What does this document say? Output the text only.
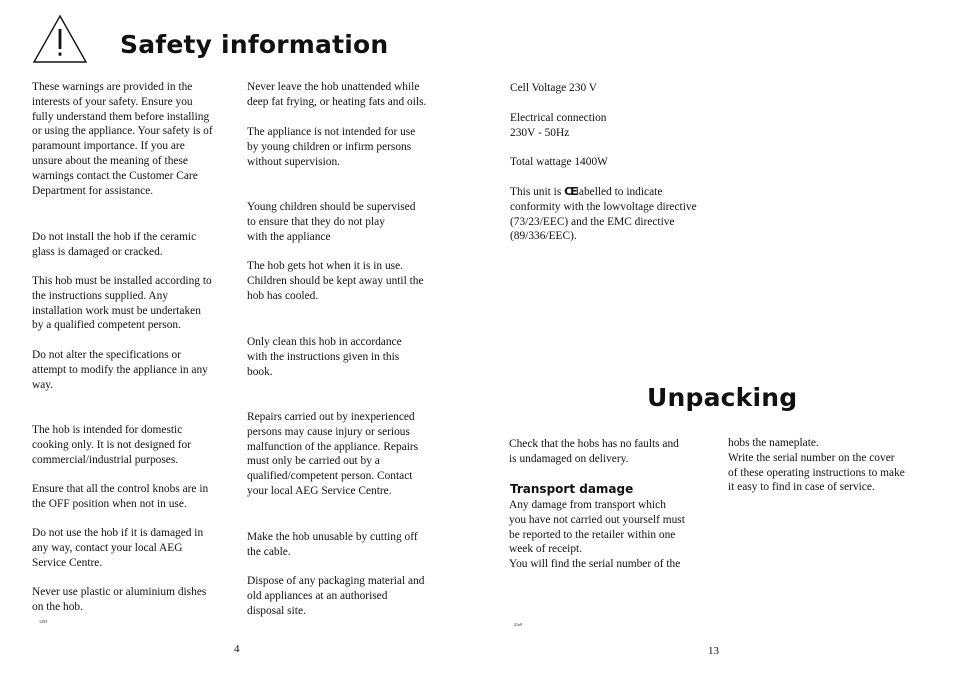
Safety information

These warnings are provided in the
interests of your safety. Ensure you
fully understand them before installing
or using the appliance. Your safety is of
paramount importance. If you are
unsure about the meaning of these
warnings contact the Customer Care
Department for assistance.

Do not install the hob if the ceramic
glass is damaged or cracked.

This hob must be installed according to
the instructions supplied. Any
installation work must be undertaken
by a qualified competent person.

Do not alter the specifications or
attempt to modify the appliance in any
way.

The hob is intended for domestic
cooking only. It is not designed for
commercial/industrial purposes.

Ensure that all the control knobs are in
the OFF position when not in use.

Do not use the hob if it is damaged in
any way, contact your local AEG
Service Centre.

Never use plastic or aluminium dishes
on the hob.

1293

Never leave the hob unattended while
deep fat frying, or heating fats and oils.

The appliance is not intended for use
by young children or infirm persons
without supervision.

Young children should be supervised
to ensure that they do not play
with the appliance

The hob gets hot when it is in use.
Children should be kept away until the
hob has cooled.

Only clean this hob in accordance
with the instructions given in this
book.

Repairs carried out by inexperienced
persons may cause injury or serious
malfunction of the appliance. Repairs
must only be carried out by a
qualified/competent person. Contact
your local AEG Service Centre.

Make the hob unusable by cutting off
the cable.

Dispose of any packaging material and
old appliances at an authorised
disposal site.

4

Cell Voltage 230 V

Electrical connection
230V - 50Hz

Total wattage 1400W

This unit is CElabelled to indicate
conformity with the lowvoltage directive
(73/23/EEC) and the EMC directive
(89/336/EEC).

Unpacking

Check that the hobs has no faults and
is undamaged on delivery.

Transport damage

Any damage from transport which
you have not carried out yourself must
be reported to the retailer within one
week of receipt.
You will find the serial number of the

hobs the nameplate.
Write the serial number on the cover
of these operating instructions to make
it easy to find in case of service.

21a9
13
